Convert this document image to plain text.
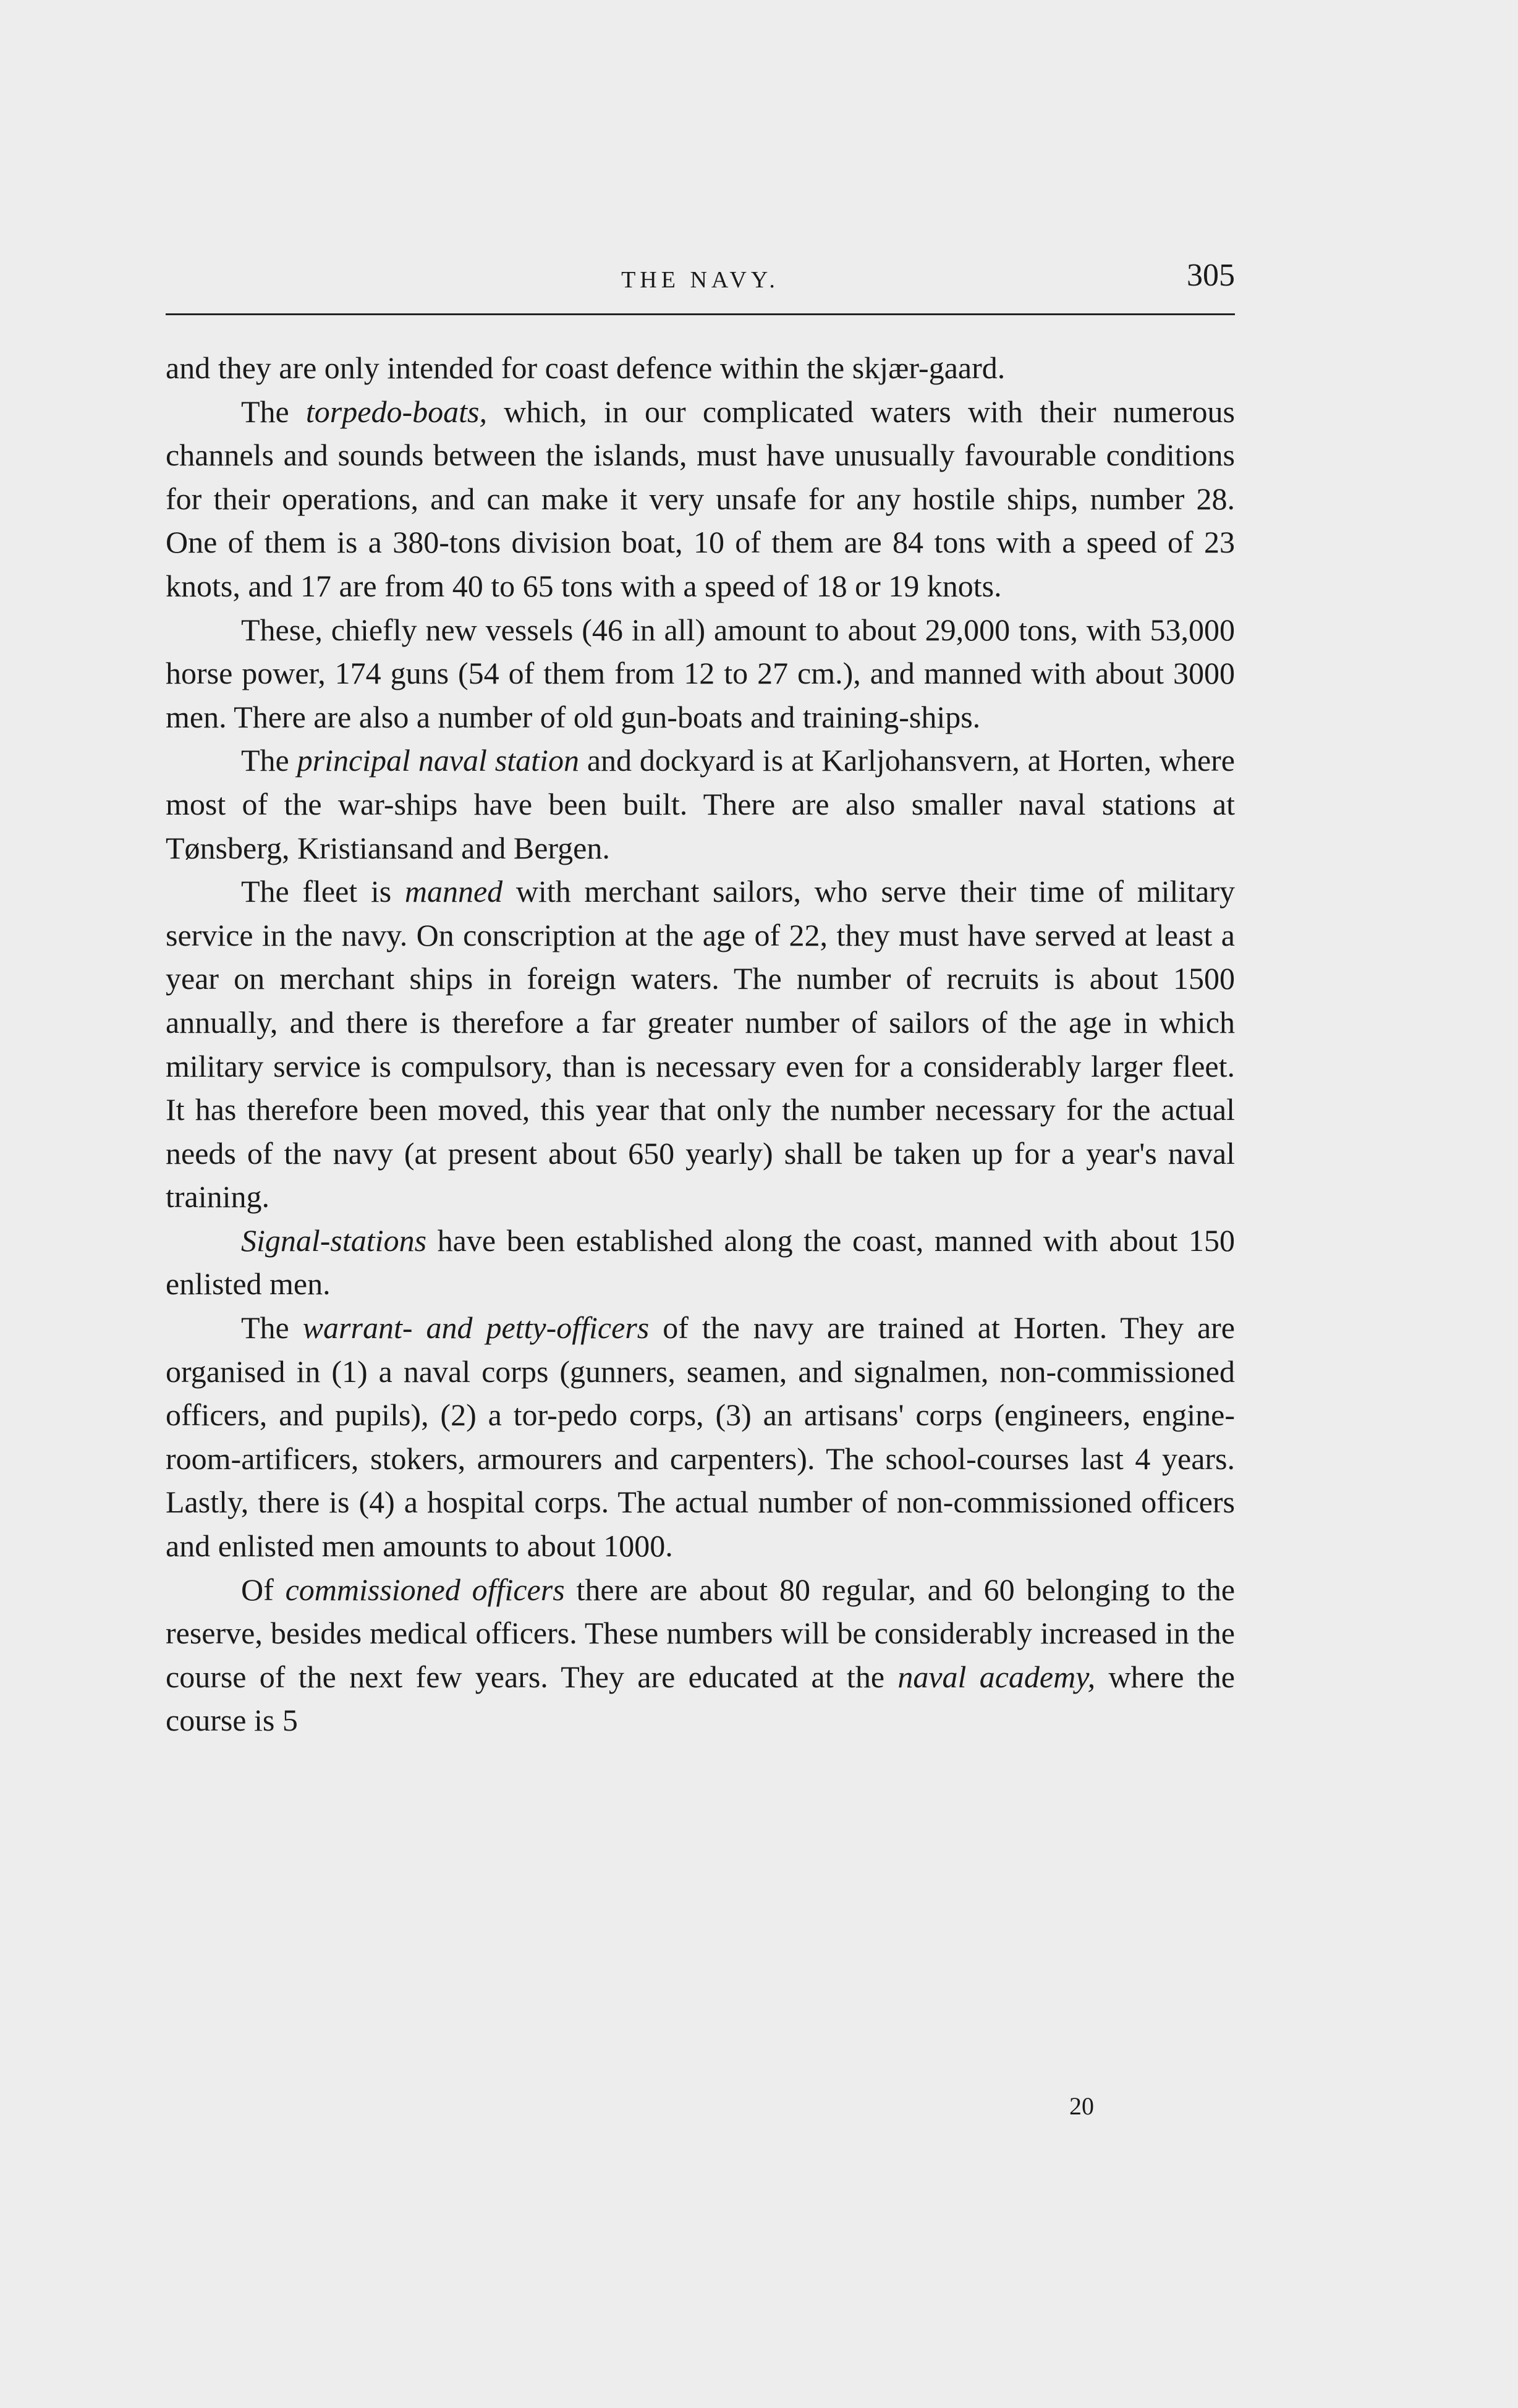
THE NAVY.	305

and they are only intended for coast defence within the skjær-gaard.

The torpedo-boats, which, in our complicated waters with their numerous channels and sounds between the islands, must have unusually favourable conditions for their operations, and can make it very unsafe for any hostile ships, number 28. One of them is a 380-tons division boat, 10 of them are 84 tons with a speed of 23 knots, and 17 are from 40 to 65 tons with a speed of 18 or 19 knots.

These, chiefly new vessels (46 in all) amount to about 29,000 tons, with 53,000 horse power, 174 guns (54 of them from 12 to 27 cm.), and manned with about 3000 men. There are also a number of old gun-boats and training-ships.

The principal naval station and dockyard is at Karljohansvern, at Horten, where most of the war-ships have been built. There are also smaller naval stations at Tønsberg, Kristiansand and Bergen.

The fleet is manned with merchant sailors, who serve their time of military service in the navy. On conscription at the age of 22, they must have served at least a year on merchant ships in foreign waters. The number of recruits is about 1500 annually, and there is therefore a far greater number of sailors of the age in which military service is compulsory, than is necessary even for a considerably larger fleet. It has therefore been moved, this year that only the number necessary for the actual needs of the navy (at present about 650 yearly) shall be taken up for a year's naval training.

Signal-stations have been established along the coast, manned with about 150 enlisted men.

The warrant- and petty-officers of the navy are trained at Horten. They are organised in (1) a naval corps (gunners, seamen, and signalmen, non-commissioned officers, and pupils), (2) a tor-pedo corps, (3) an artisans' corps (engineers, engine-room-artificers, stokers, armourers and carpenters). The school-courses last 4 years. Lastly, there is (4) a hospital corps. The actual number of non-commissioned officers and enlisted men amounts to about 1000.

Of commissioned officers there are about 80 regular, and 60 belonging to the reserve, besides medical officers. These numbers will be considerably increased in the course of the next few years. They are educated at the naval academy, where the course is 5

20
